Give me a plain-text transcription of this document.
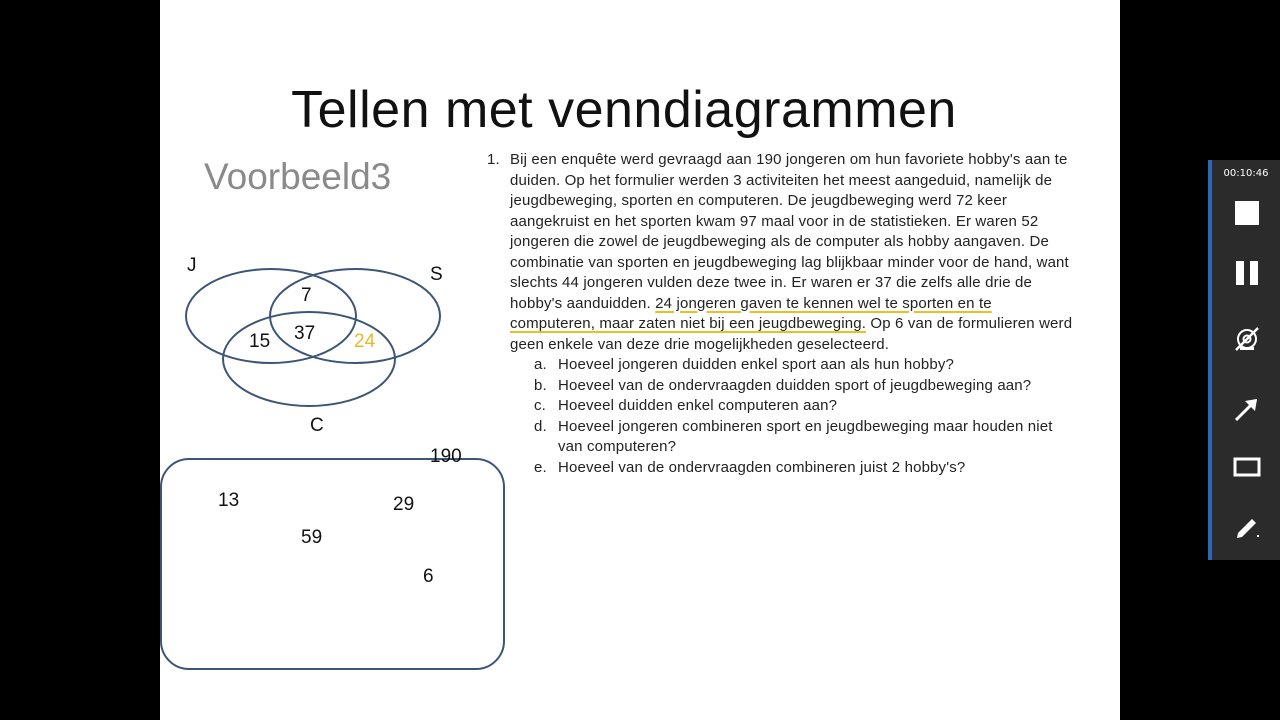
Tellen met venndiagrammen
Voorbeeld3
J	S
C
7
37
15	24
190
13	29
59
6
1. Bij een enquête werd gevraagd aan 190 jongeren om hun favoriete hobby's aan te duiden. Op het formulier werden 3 activiteiten het meest aangeduid, namelijk de jeugdbeweging, sporten en computeren. De jeugdbeweging werd 72 keer aangekruist en het sporten kwam 97 maal voor in de statistieken. Er waren 52 jongeren die zowel de jeugdbeweging als de computer als hobby aangaven. De combinatie van sporten en jeugdbeweging lag blijkbaar minder voor de hand, want slechts 44 jongeren vulden deze twee in. Er waren er 37 die zelfs alle drie de hobby's aanduidden. 24 jongeren gaven te kennen wel te sporten en te computeren, maar zaten niet bij een jeugdbeweging. Op 6 van de formulieren werd geen enkele van deze drie mogelijkheden geselecteerd.
a. Hoeveel jongeren duidden enkel sport aan als hun hobby?
b. Hoeveel van de ondervraagden duidden sport of jeugdbeweging aan?
c. Hoeveel duidden enkel computeren aan?
d. Hoeveel jongeren combineren sport en jeugdbeweging maar houden niet van computeren?
e. Hoeveel van de ondervraagden combineren juist 2 hobby's?
00:10:46
